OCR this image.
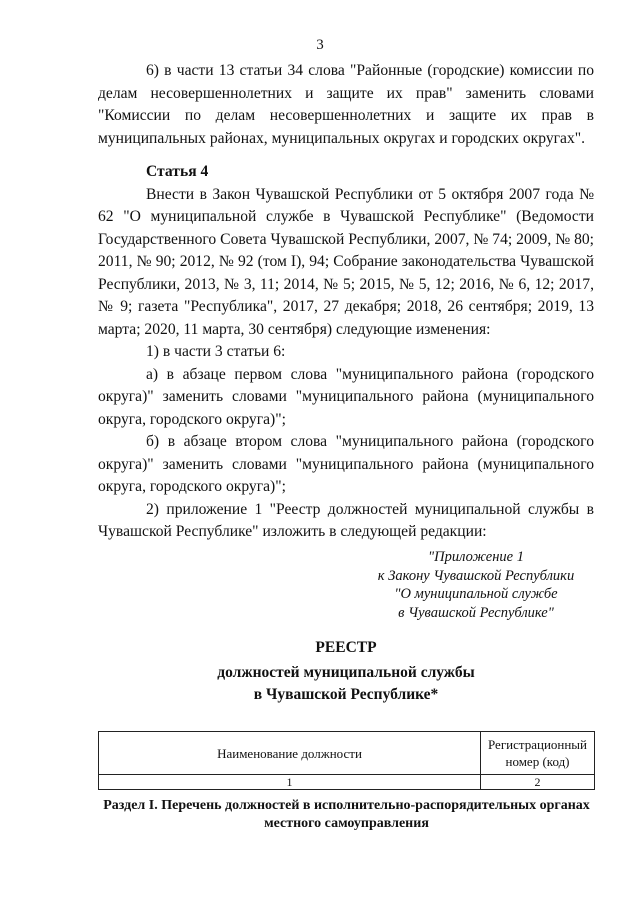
3

6) в части 13 статьи 34 слова "Районные (городские) комиссии по делам несовершеннолетних и защите их прав" заменить словами "Комиссии по делам несовершеннолетних и защите их прав в муниципальных районах, муниципальных округах и городских округах".

Статья 4

Внести в Закон Чувашской Республики от 5 октября 2007 года № 62 "О муниципальной службе в Чувашской Республике" (Ведомости Государственного Совета Чувашской Республики, 2007, № 74; 2009, № 80; 2011, № 90; 2012, № 92 (том I), 94; Собрание законодательства Чувашской Республики, 2013, № 3, 11; 2014, № 5; 2015, № 5, 12; 2016, № 6, 12; 2017, № 9; газета "Республика", 2017, 27 декабря; 2018, 26 сентября; 2019, 13 марта; 2020, 11 марта, 30 сентября) следующие изменения:

1) в части 3 статьи 6:

а) в абзаце первом слова "муниципального района (городского округа)" заменить словами "муниципального района (муниципального округа, городского округа)";

б) в абзаце втором слова "муниципального района (городского округа)" заменить словами "муниципального района (муниципального округа, городского округа)";

2) приложение 1 "Реестр должностей муниципальной службы в Чувашской Республике" изложить в следующей редакции:

"Приложение 1
к Закону Чувашской Республики
"О муниципальной службе
в Чувашской Республике"
РЕЕСТР
должностей муниципальной службы
в Чувашской Республике*
Наименование должности	Регистрационный номер (код)
1	2
Раздел I. Перечень должностей в исполнительно-распорядительных органах местного самоуправления
